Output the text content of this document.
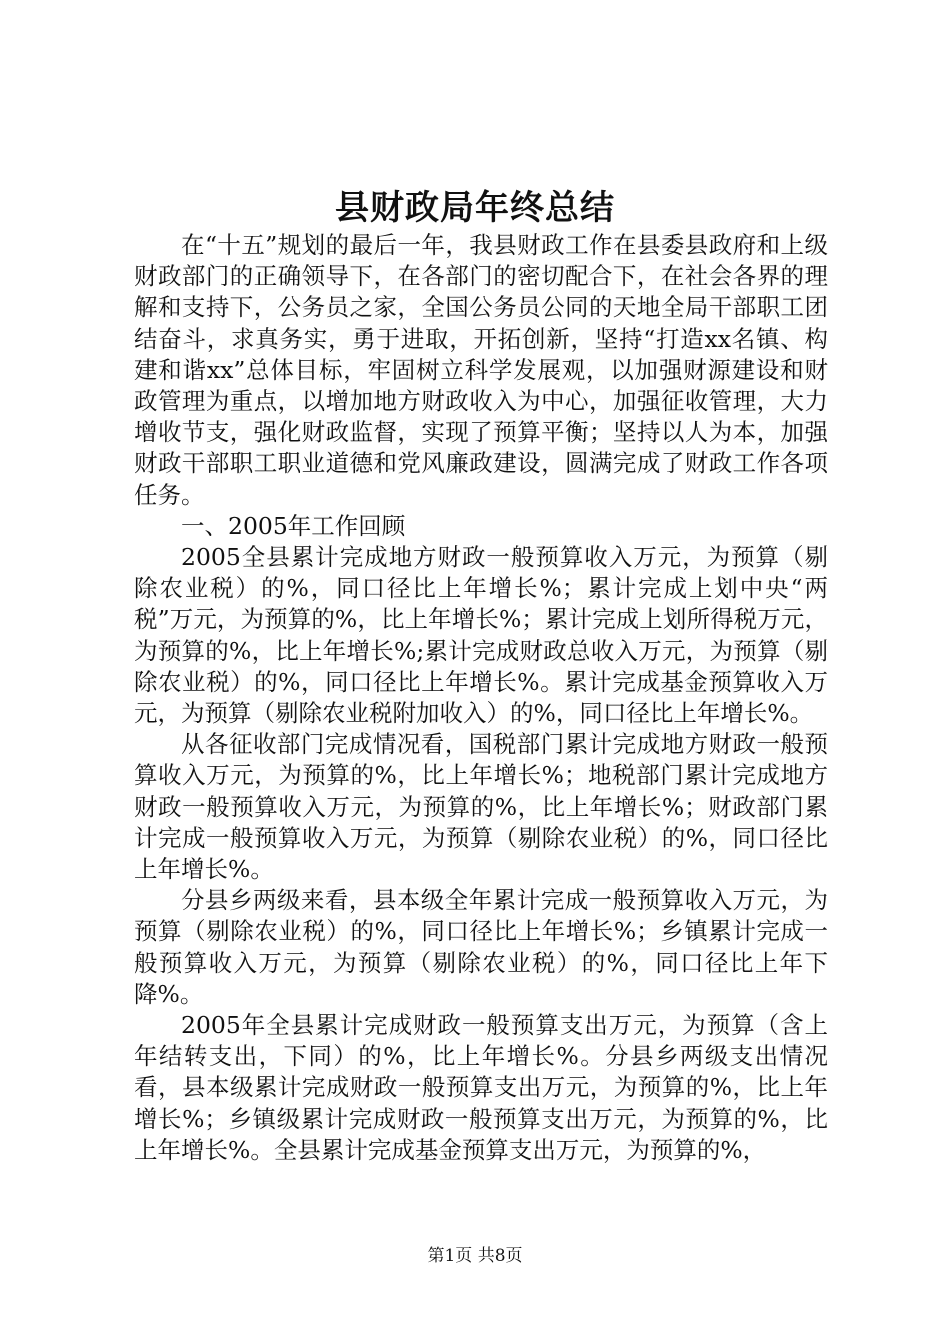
县财政局年终总结

在“十五”规划的最后一年，我县财政工作在县委县政府和上级财政部门的正确领导下，在各部门的密切配合下，在社会各界的理解和支持下，公务员之家，全国公务员公同的天地全局干部职工团结奋斗，求真务实，勇于进取，开拓创新，坚持“打造xx名镇、构建和谐xx”总体目标，牢固树立科学发展观，以加强财源建设和财政管理为重点，以增加地方财政收入为中心，加强征收管理，大力增收节支，强化财政监督，实现了预算平衡；坚持以人为本，加强财政干部职工职业道德和党风廉政建设，圆满完成了财政工作各项任务。

一、2005年工作回顾

2005全县累计完成地方财政一般预算收入万元，为预算（剔除农业税）的%，同口径比上年增长%；累计完成上划中央“两税”万元，为预算的%，比上年增长%；累计完成上划所得税万元，为预算的%，比上年增长%;累计完成财政总收入万元，为预算（剔除农业税）的%，同口径比上年增长%。累计完成基金预算收入万元，为预算（剔除农业税附加收入）的%，同口径比上年增长%。

从各征收部门完成情况看，国税部门累计完成地方财政一般预算收入万元，为预算的%，比上年增长%；地税部门累计完成地方财政一般预算收入万元，为预算的%，比上年增长%；财政部门累计完成一般预算收入万元，为预算（剔除农业税）的%，同口径比上年增长%。

分县乡两级来看，县本级全年累计完成一般预算收入万元，为预算（剔除农业税）的%，同口径比上年增长%；乡镇累计完成一般预算收入万元，为预算（剔除农业税）的%，同口径比上年下降%。

2005年全县累计完成财政一般预算支出万元，为预算（含上年结转支出，下同）的%，比上年增长%。分县乡两级支出情况看，县本级累计完成财政一般预算支出万元，为预算的%，比上年增长%；乡镇级累计完成财政一般预算支出万元，为预算的%，比上年增长%。全县累计完成基金预算支出万元，为预算的%，

第1页 共8页
